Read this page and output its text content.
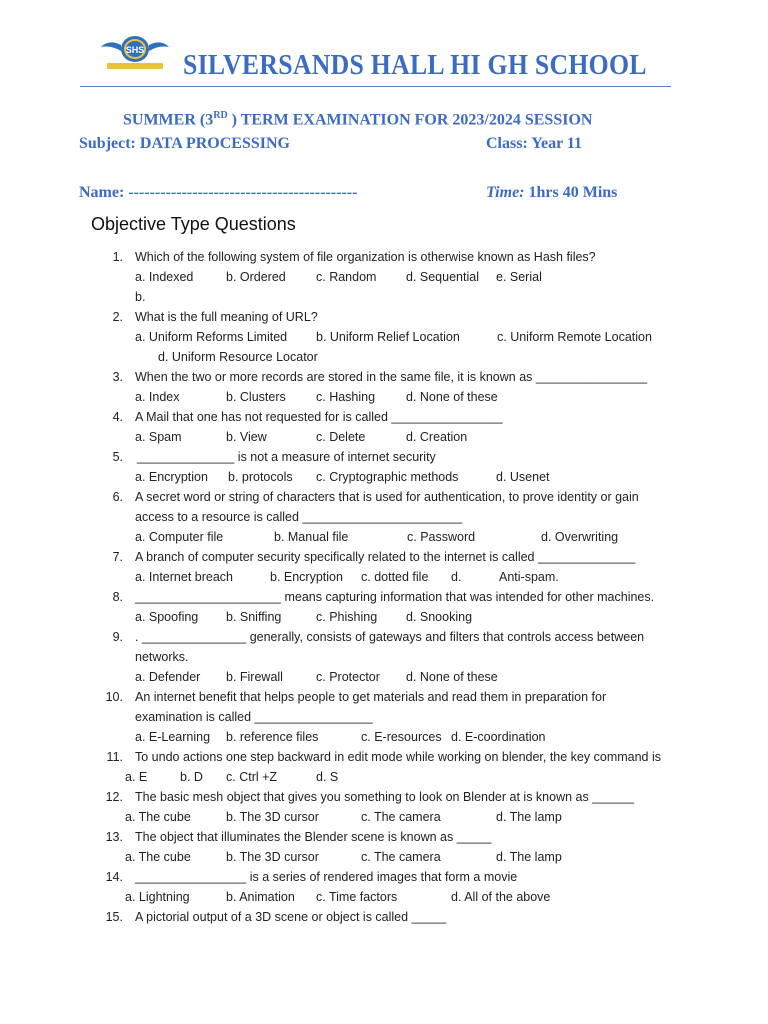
SHS SILVERSANDS HALL HI GH SCHOOL
SUMMER (3RD ) TERM EXAMINATION FOR 2023/2024 SESSION
Subject: DATA PROCESSING	Class: Year 11
Name: -------------------------------------------	Time: 1hrs 40 Mins
Objective Type Questions
1. Which of the following system of file organization is otherwise known as Hash files?
a. Indexed	b. Ordered c. Random d. Sequential e. Serial
b.
2. What is the full meaning of URL?
a. Uniform Reforms Limited b. Uniform Relief Location	c. Uniform Remote Location
d. Uniform Resource Locator
3. When the two or more records are stored in the same file, it is known as ________________
a. Index	b. Clusters c. Hashing d. None of these
4. A Mail that one has not requested for is called ________________
a. Spam	b. View	c. Delete	d. Creation
5. ______________ is not a measure of internet security
a. Encryption b. protocols c. Cryptographic methods	d. Usenet
6. A secret word or string of characters that is used for authentication, to prove identity or gain
access to a resource is called _______________________
a. Computer file	b. Manual file	c. Password	d. Overwriting
7. A branch of computer security specifically related to the internet is called ______________
a. Internet breach	b. Encryption c. dotted file d.	Anti-spam.
8. _____________________ means capturing information that was intended for other machines.
a. Spoofing b. Sniffing	c. Phishing d. Snooking
9. . _______________ generally, consists of gateways and filters that controls access between
networks.
a. Defender b. Firewall	c. Protector d. None of these
10. An internet benefit that helps people to get materials and read them in preparation for
examination is called _________________
a. E-Learning b. reference files	c. E-resources d. E-coordination
11. To undo actions one step backward in edit mode while working on blender, the key command is
a. E	b. D c. Ctrl +Z	d. S
12. The basic mesh object that gives you something to look on Blender at is known as ______
a. The cube	b. The 3D cursor	c. The camera	d. The lamp
13. The object that illuminates the Blender scene is known as _____
a. The cube	b. The 3D cursor	c. The camera	d. The lamp
14. ________________ is a series of rendered images that form a movie
a. Lightning	b. Animation c. Time factors	d. All of the above
15. A pictorial output of a 3D scene or object is called _____
